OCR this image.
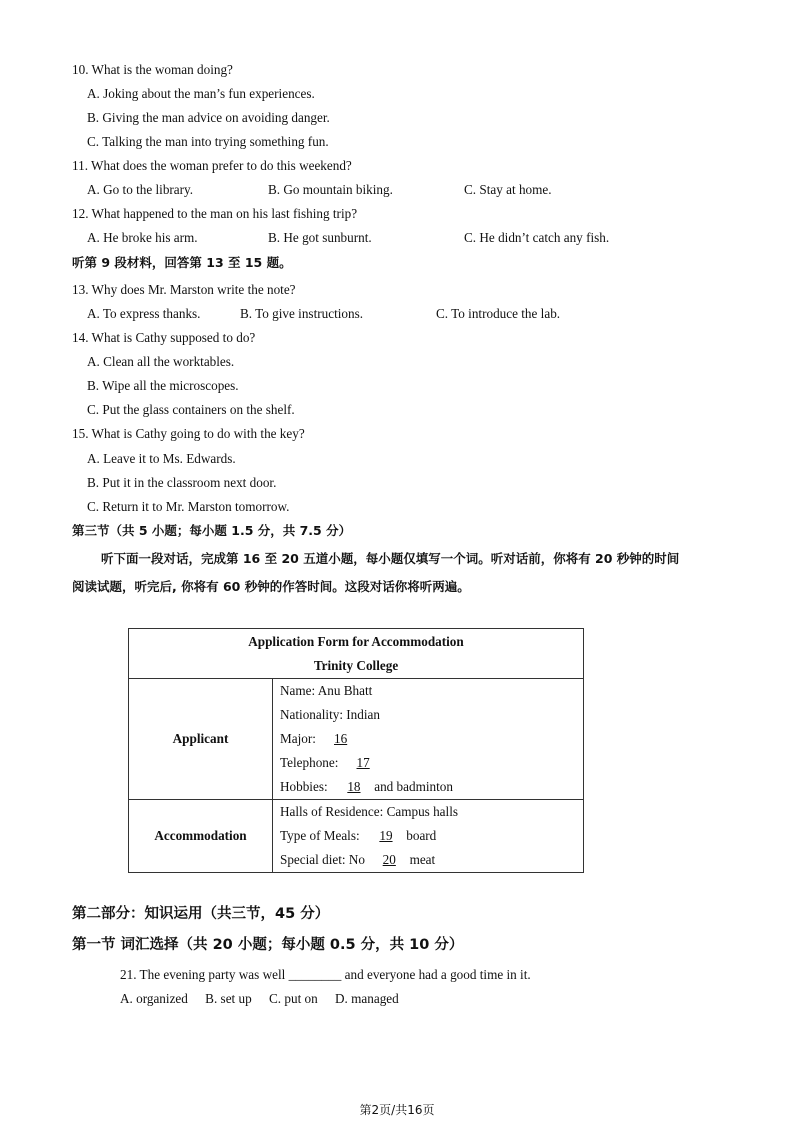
10. What is the woman doing?
A. Joking about the man’s fun experiences.
B. Giving the man advice on avoiding danger.
C. Talking the man into trying something fun.
11. What does the woman prefer to do this weekend?
A. Go to the library.	B. Go mountain biking.	C. Stay at home.
12. What happened to the man on his last fishing trip?
A. He broke his arm.	B. He got sunburnt.	C. He didn’t catch any fish.
听第 9 段材料，回答第 13 至 15 题。
13. Why does Mr. Marston write the note?
A. To express thanks.	B. To give instructions.	C. To introduce the lab.
14. What is Cathy supposed to do?
A. Clean all the worktables.
B. Wipe all the microscopes.
C. Put the glass containers on the shelf.
15. What is Cathy going to do with the key?
A. Leave it to Ms. Edwards.
B. Put it in the classroom next door.
C. Return it to Mr. Marston tomorrow.
第三节（共 5 小题；每小题 1.5 分，共 7.5 分）
听下面一段对话，完成第 16 至 20 五道小题，每小题仅填写一个词。听对话前，你将有 20 秒钟的时间
阅读试题，听完后, 你将有 60 秒钟的作答时间。这段对话你将听两遍。
Application Form for Accommodation
Trinity College	

Applicant	Name: Anu Bhatt
Nationality: Indian
Major: 16
Telephone: 17
Hobbies: 18 and badminton

Accommodation	Halls of Residence: Campus halls
Type of Meals: 19 board
Special diet: No 20 meat
第二部分：知识运用（共三节，45 分）
第一节 词汇选择（共 20 小题；每小题 0.5 分，共 10 分）
21. The evening party was well ________ and everyone had a good time in it.
A. organized B. set up C. put on D. managed
第2页/共16页
